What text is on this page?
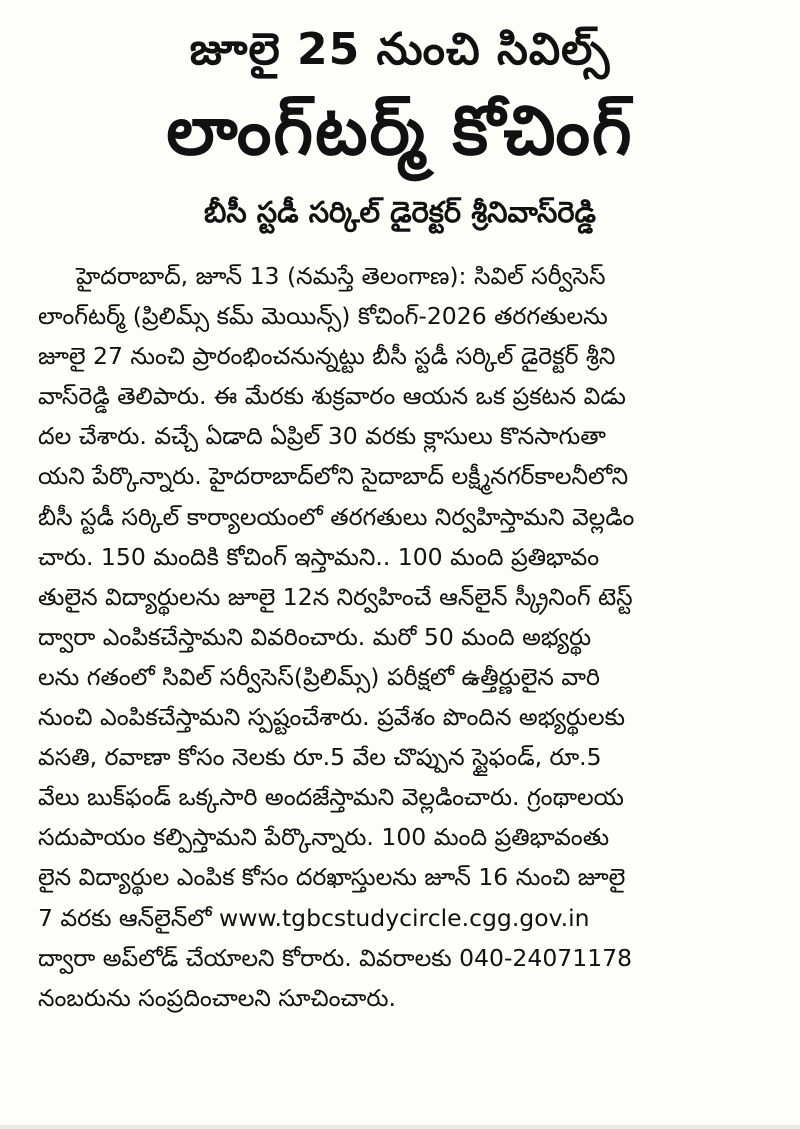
జూలై 25 నుంచి సివిల్స్
లాంగ్‌టర్మ్ కోచింగ్
బీసీ స్టడీ సర్కిల్ డైరెక్టర్ శ్రీనివాస్‌రెడ్డి
హైదరాబాద్, జూన్ 13 (నమస్తే తెలంగాణ): సివిల్ సర్వీసెస్
లాంగ్‌టర్మ్ (ప్రిలిమ్స్ కమ్ మెయిన్స్) కోచింగ్-2026 తరగతులను
జూలై 27 నుంచి ప్రారంభించనున్నట్టు బీసీ స్టడీ సర్కిల్ డైరెక్టర్ శ్రీని
వాస్‌రెడ్డి తెలిపారు. ఈ మేరకు శుక్రవారం ఆయన ఒక ప్రకటన విడు
దల చేశారు. వచ్చే ఏడాది ఏప్రిల్ 30 వరకు క్లాసులు కొనసాగుతా
యని పేర్కొన్నారు. హైదరాబాద్‌లోని సైదాబాద్ లక్ష్మీనగర్‌కాలనీలోని
బీసీ స్టడీ సర్కిల్ కార్యాలయంలో తరగతులు నిర్వహిస్తామని వెల్లడిం
చారు. 150 మందికి కోచింగ్ ఇస్తామని.. 100 మంది ప్రతిభావం
తులైన విద్యార్థులను జూలై 12న నిర్వహించే ఆన్‌లైన్ స్క్రీనింగ్ టెస్ట్
ద్వారా ఎంపికచేస్తామని వివరించారు. మరో 50 మంది అభ్యర్థు
లను గతంలో సివిల్ సర్వీసెస్(ప్రిలిమ్స్) పరీక్షలో ఉత్తీర్ణులైన వారి
నుంచి ఎంపికచేస్తామని స్పష్టంచేశారు. ప్రవేశం పొందిన అభ్యర్థులకు
వసతి, రవాణా కోసం నెలకు రూ.5 వేల చొప్పున స్టైఫండ్, రూ.5
వేలు బుక్‌ఫండ్ ఒక్కసారి అందజేస్తామని వెల్లడించారు. గ్రంథాలయ
సదుపాయం కల్పిస్తామని పేర్కొన్నారు. 100 మంది ప్రతిభావంతు
లైన విద్యార్థుల ఎంపిక కోసం దరఖాస్తులను జూన్ 16 నుంచి జూలై
7 వరకు ఆన్‌లైన్‌లో www.tgbcstudycircle.cgg.gov.in
ద్వారా అప్‌లోడ్ చేయాలని కోరారు. వివరాలకు 040-24071178
నంబరును సంప్రదించాలని సూచించారు.
